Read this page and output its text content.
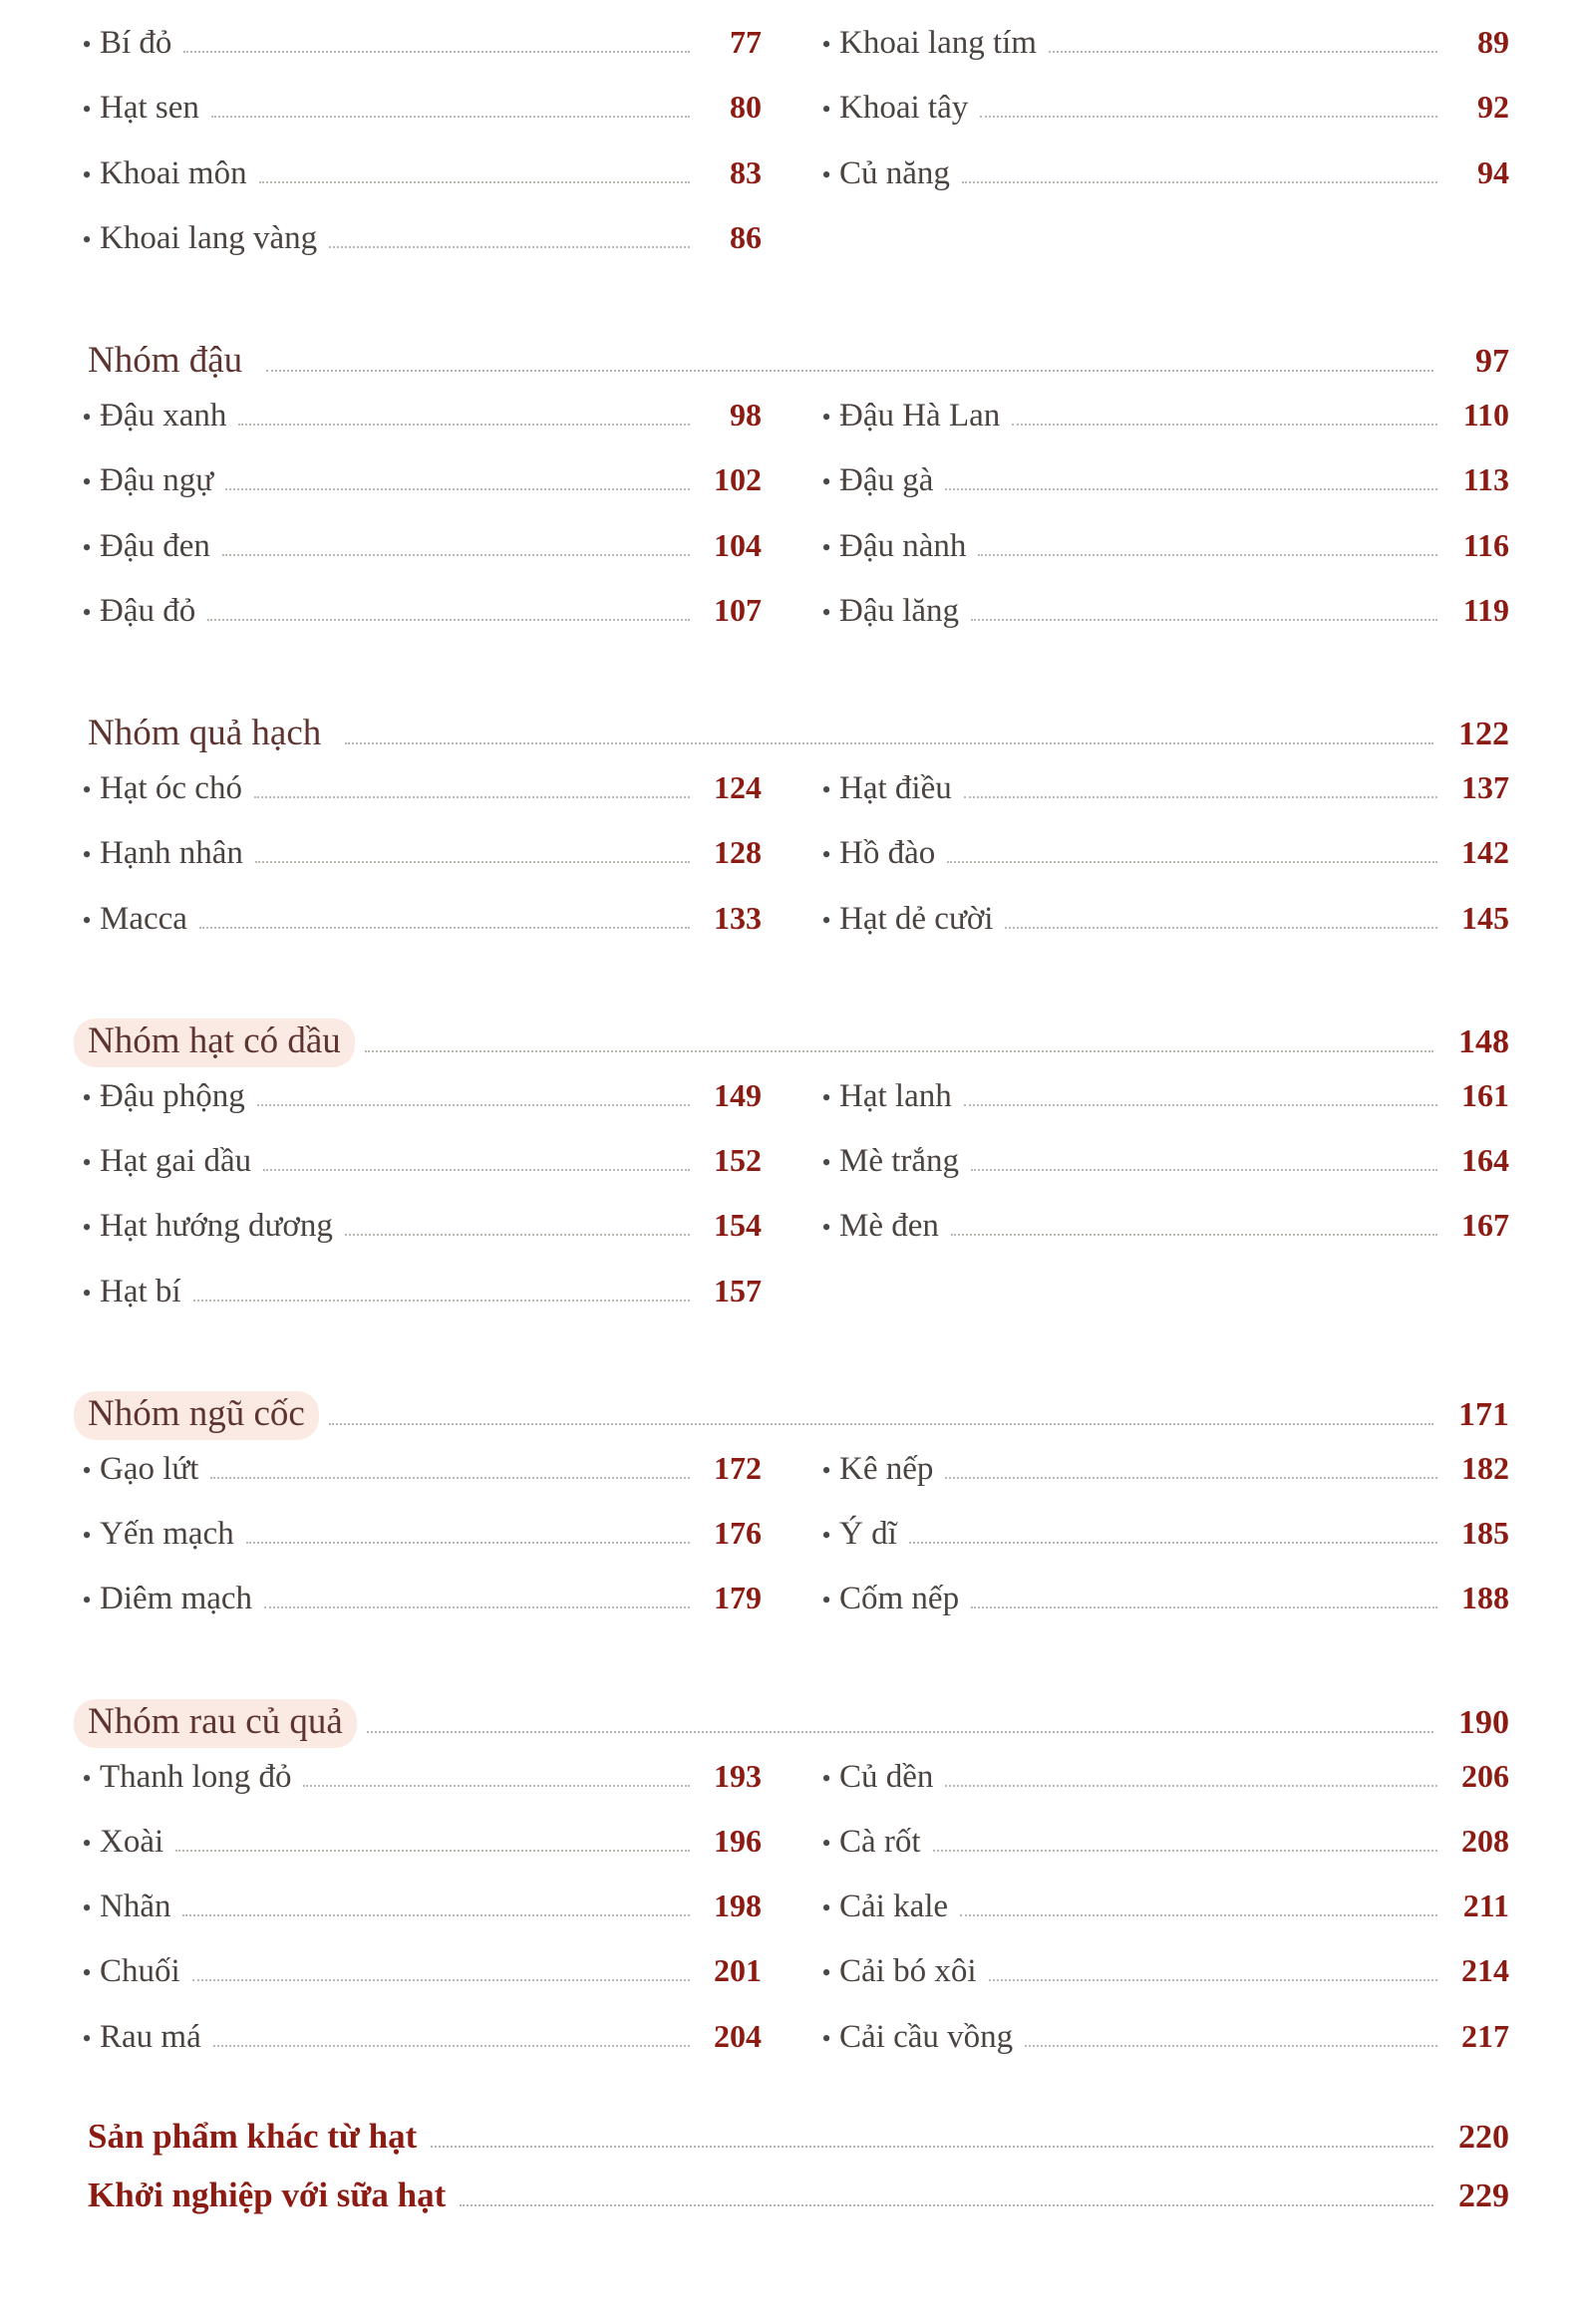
• Bí đỏ	77
• Hạt sen	80
• Khoai môn	83
• Khoai lang vàng	86
• Khoai lang tím	89
• Khoai tây	92
• Củ năng	94
Nhóm đậu	97
• Đậu xanh	98
• Đậu ngự	102
• Đậu đen	104
• Đậu đỏ	107
• Đậu Hà Lan	110
• Đậu gà	113
• Đậu nành	116
• Đậu lăng	119
Nhóm quả hạch	122
• Hạt óc chó	124
• Hạnh nhân	128
• Macca	133
• Hạt điều	137
• Hồ đào	142
• Hạt dẻ cười	145
Nhóm hạt có dầu	148
• Đậu phộng	149
• Hạt gai dầu	152
• Hạt hướng dương	154
• Hạt bí	157
• Hạt lanh	161
• Mè trắng	164
• Mè đen	167
Nhóm ngũ cốc	171
• Gạo lứt	172
• Yến mạch	176
• Diêm mạch	179
• Kê nếp	182
• Ý dĩ	185
• Cốm nếp	188
Nhóm rau củ quả	190
• Thanh long đỏ	193
• Xoài	196
• Nhãn	198
• Chuối	201
• Rau má	204
• Củ dền	206
• Cà rốt	208
• Cải kale	211
• Cải bó xôi	214
• Cải cầu vồng	217
Sản phẩm khác từ hạt	220
Khởi nghiệp với sữa hạt	229
